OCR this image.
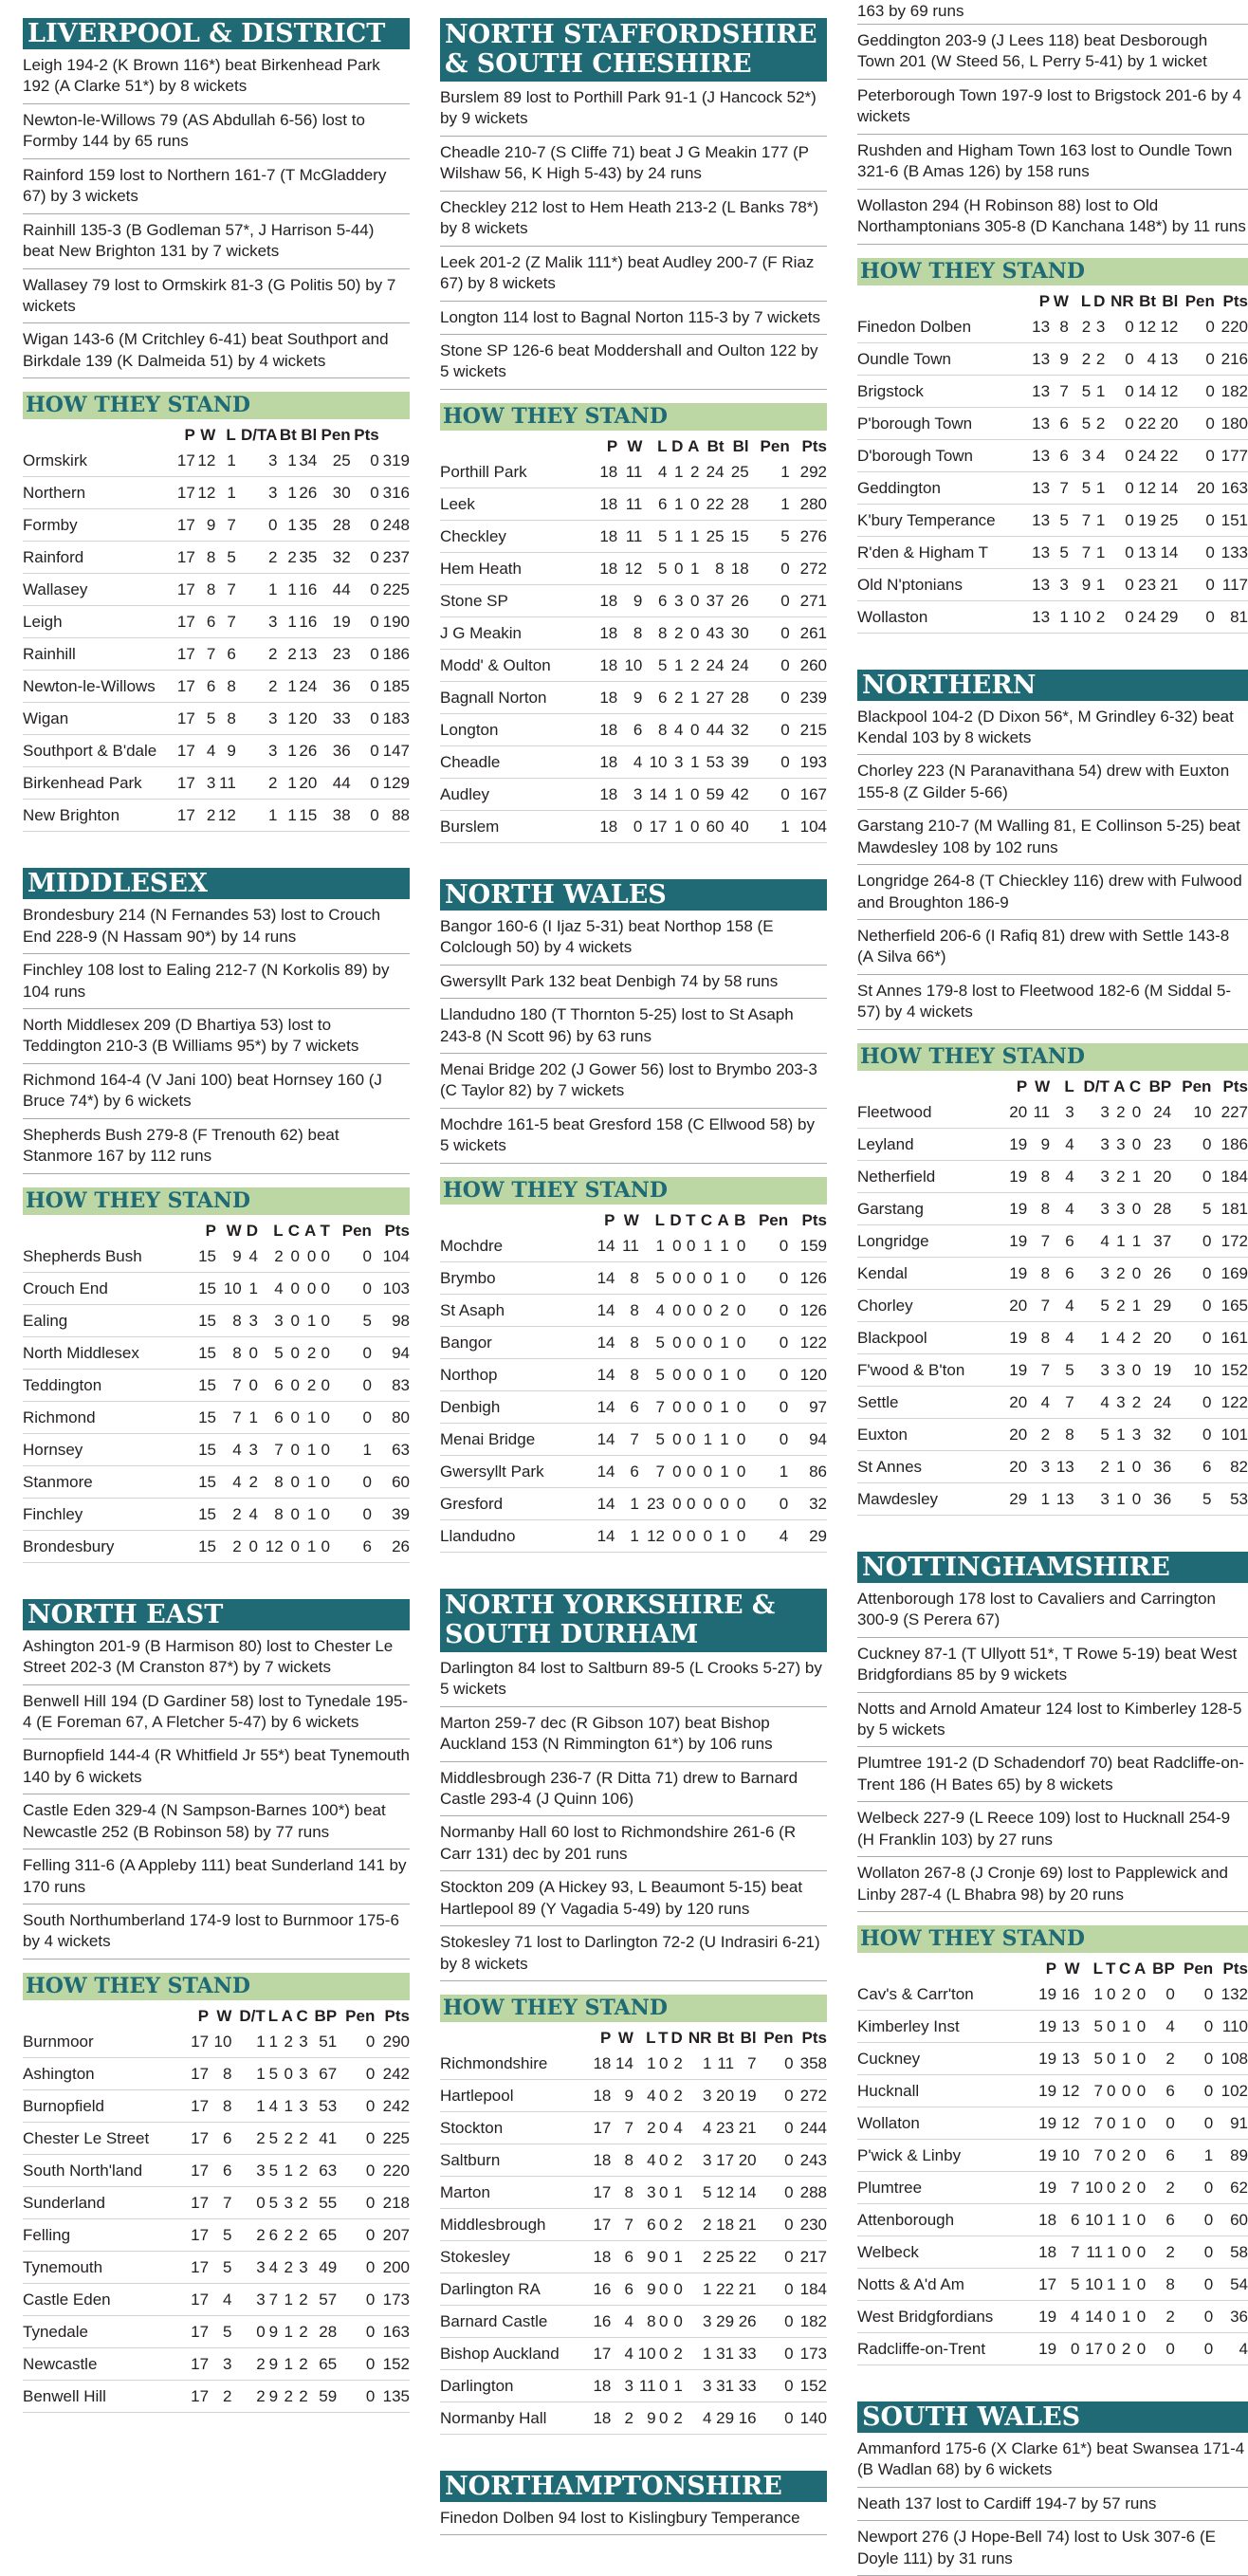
LIVERPOOL & DISTRICT
Leigh 194-2 (K Brown 116*) beat Birkenhead Park 192 (A Clarke 51*) by 8 wickets
Newton-le-Willows 79 (AS Abdullah 6-56) lost to Formby 144 by 65 runs
Rainford 159 lost to Northern 161-7 (T McGladdery 67) by 3 wickets
Rainhill 135-3 (B Godleman 57*, J Harrison 5-44) beat New Brighton 131 by 7 wickets
Wallasey 79 lost to Ormskirk 81-3 (G Politis 50) by 7 wickets
Wigan 143-6 (M Critchley 6-41) beat Southport and Birkdale 139 (K Dalmeida 51) by 4 wickets
HOW THEY STAND
	P	W	L	D/TA	Bt	Bl	Pen	Pts	
Ormskirk	17	12	1	3	1	34	25	0	319
Northern	17	12	1	3	1	26	30	0	316
Formby	17	9	7	0	1	35	28	0	248
Rainford	17	8	5	2	2	35	32	0	237
Wallasey	17	8	7	1	1	16	44	0	225
Leigh	17	6	7	3	1	16	19	0	190
Rainhill	17	7	6	2	2	13	23	0	186
Newton-le-Willows	17	6	8	2	1	24	36	0	185
Wigan	17	5	8	3	1	20	33	0	183
Southport & B'dale	17	4	9	3	1	26	36	0	147
Birkenhead Park	17	3	11	2	1	20	44	0	129
New Brighton	17	2	12	1	1	15	38	0	88
MIDDLESEX
Brondesbury 214 (N Fernandes 53) lost to Crouch End 228-9 (N Hassam 90*) by 14 runs
Finchley 108 lost to Ealing 212-7 (N Korkolis 89) by 104 runs
North Middlesex 209 (D Bhartiya 53) lost to Teddington 210-3 (B Williams 95*) by 7 wickets
Richmond 164-4 (V Jani 100) beat Hornsey 160 (J Bruce 74*) by 6 wickets
Shepherds Bush 279-8 (F Trenouth 62) beat Stanmore 167 by 112 runs
HOW THEY STAND
	P	W	D	L	C	A	T	Pen	Pts
Shepherds Bush	15	9	4	2	0	0	0	0	104
Crouch End	15	10	1	4	0	0	0	0	103
Ealing	15	8	3	3	0	1	0	5	98
North Middlesex	15	8	0	5	0	2	0	0	94
Teddington	15	7	0	6	0	2	0	0	83
Richmond	15	7	1	6	0	1	0	0	80
Hornsey	15	4	3	7	0	1	0	1	63
Stanmore	15	4	2	8	0	1	0	0	60
Finchley	15	2	4	8	0	1	0	0	39
Brondesbury	15	2	0	12	0	1	0	6	26
NORTH EAST
Ashington 201-9 (B Harmison 80) lost to Chester Le Street 202-3 (M Cranston 87*) by 7 wickets
Benwell Hill 194 (D Gardiner 58) lost to Tynedale 195-4 (E Foreman 67, A Fletcher 5-47) by 6 wickets
Burnopfield 144-4 (R Whitfield Jr 55*) beat Tynemouth 140 by 6 wickets
Castle Eden 329-4 (N Sampson-Barnes 100*) beat Newcastle 252 (B Robinson 58) by 77 runs
Felling 311-6 (A Appleby 111) beat Sunderland 141 by 170 runs
South Northumberland 174-9 lost to Burnmoor 175-6 by 4 wickets
HOW THEY STAND
	P	W	D/T	L	A	C	BP	Pen	Pts
Burnmoor	17	10	1	1	2	3	51	0	290
Ashington	17	8	1	5	0	3	67	0	242
Burnopfield	17	8	1	4	1	3	53	0	242
Chester Le Street	17	6	2	5	2	2	41	0	225
South North'land	17	6	3	5	1	2	63	0	220
Sunderland	17	7	0	5	3	2	55	0	218
Felling	17	5	2	6	2	2	65	0	207
Tynemouth	17	5	3	4	2	3	49	0	200
Castle Eden	17	4	3	7	1	2	57	0	173
Tynedale	17	5	0	9	1	2	28	0	163
Newcastle	17	3	2	9	1	2	65	0	152
Benwell Hill	17	2	2	9	2	2	59	0	135
NORTH STAFFORDSHIRE & SOUTH CHESHIRE
Burslem 89 lost to Porthill Park 91-1 (J Hancock 52*) by 9 wickets
Cheadle 210-7 (S Cliffe 71) beat J G Meakin 177 (P Wilshaw 56, K High 5-43) by 24 runs
Checkley 212 lost to Hem Heath 213-2 (L Banks 78*) by 8 wickets
Leek 201-2 (Z Malik 111*) beat Audley 200-7 (F Riaz 67) by 8 wickets
Longton 114 lost to Bagnal Norton 115-3 by 7 wickets
Stone SP 126-6 beat Moddershall and Oulton 122 by 5 wickets
HOW THEY STAND
	P	W	L	D	A	Bt	Bl	Pen	Pts
Porthill Park	18	11	4	1	2	24	25	1	292
Leek	18	11	6	1	0	22	28	1	280
Checkley	18	11	5	1	1	25	15	5	276
Hem Heath	18	12	5	0	1	8	18	0	272
Stone SP	18	9	6	3	0	37	26	0	271
J G Meakin	18	8	8	2	0	43	30	0	261
Modd' & Oulton	18	10	5	1	2	24	24	0	260
Bagnall Norton	18	9	6	2	1	27	28	0	239
Longton	18	6	8	4	0	44	32	0	215
Cheadle	18	4	10	3	1	53	39	0	193
Audley	18	3	14	1	0	59	42	0	167
Burslem	18	0	17	1	0	60	40	1	104
NORTH WALES
Bangor 160-6 (I Ijaz 5-31) beat Northop 158 (E Colclough 50) by 4 wickets
Gwersyllt Park 132 beat Denbigh 74 by 58 runs
Llandudno 180 (T Thornton 5-25) lost to St Asaph 243-8 (N Scott 96) by 63 runs
Menai Bridge 202 (J Gower 56) lost to Brymbo 203-3 (C Taylor 82) by 7 wickets
Mochdre 161-5 beat Gresford 158 (C Ellwood 58) by 5 wickets
HOW THEY STAND
	P	W	L	D	T	C	A	B	Pen	Pts
Mochdre	14	11	1	0	0	1	1	0	0	159
Brymbo	14	8	5	0	0	0	1	0	0	126
St Asaph	14	8	4	0	0	0	2	0	0	126
Bangor	14	8	5	0	0	0	1	0	0	122
Northop	14	8	5	0	0	0	1	0	0	120
Denbigh	14	6	7	0	0	0	1	0	0	97
Menai Bridge	14	7	5	0	0	1	1	0	0	94
Gwersyllt Park	14	6	7	0	0	0	1	0	1	86
Gresford	14	1	23	0	0	0	0	0	0	32
Llandudno	14	1	12	0	0	0	1	0	4	29
NORTH YORKSHIRE & SOUTH DURHAM
Darlington 84 lost to Saltburn 89-5 (L Crooks 5-27) by 5 wickets
Marton 259-7 dec (R Gibson 107) beat Bishop Auckland 153 (N Rimmington 61*) by 106 runs
Middlesbrough 236-7 (R Ditta 71) drew to Barnard Castle 293-4 (J Quinn 106)
Normanby Hall 60 lost to Richmondshire 261-6 (R Carr 131) dec by 201 runs
Stockton 209 (A Hickey 93, L Beaumont 5-15) beat Hartlepool 89 (Y Vagadia 5-49) by 120 runs
Stokesley 71 lost to Darlington 72-2 (U Indrasiri 6-21) by 8 wickets
HOW THEY STAND
	P	W	L	T	D	NR	Bt	Bl	Pen	Pts
Richmondshire	18	14	1	0	2	1	11	7	0	358
Hartlepool	18	9	4	0	2	3	20	19	0	272
Stockton	17	7	2	0	4	4	23	21	0	244
Saltburn	18	8	4	0	2	3	17	20	0	243
Marton	17	8	3	0	1	5	12	14	0	288
Middlesbrough	17	7	6	0	2	2	18	21	0	230
Stokesley	18	6	9	0	1	2	25	22	0	217
Darlington RA	16	6	9	0	0	1	22	21	0	184
Barnard Castle	16	4	8	0	0	3	29	26	0	182
Bishop Auckland	17	4	10	0	2	1	31	33	0	173
Darlington	18	3	11	0	1	3	31	33	0	152
Normanby Hall	18	2	9	0	2	4	29	16	0	140
NORTHAMPTONSHIRE
Finedon Dolben 94 lost to Kislingbury Temperance
163 by 69 runs
Geddington 203-9 (J Lees 118) beat Desborough Town 201 (W Steed 56, L Perry 5-41) by 1 wicket
Peterborough Town 197-9 lost to Brigstock 201-6 by 4 wickets
Rushden and Higham Town 163 lost to Oundle Town 321-6 (B Amas 126) by 158 runs
Wollaston 294 (H Robinson 88) lost to Old Northamptonians 305-8 (D Kanchana 148*) by 11 runs
HOW THEY STAND
	P	W	L	D	NR	Bt	Bl	Pen	Pts
Finedon Dolben	13	8	2	3	0	12	12	0	220
Oundle Town	13	9	2	2	0	4	13	0	216
Brigstock	13	7	5	1	0	14	12	0	182
P'borough Town	13	6	5	2	0	22	20	0	180
D'borough Town	13	6	3	4	0	24	22	0	177
Geddington	13	7	5	1	0	12	14	20	163
K'bury Temperance	13	5	7	1	0	19	25	0	151
R'den & Higham T	13	5	7	1	0	13	14	0	133
Old N'ptonians	13	3	9	1	0	23	21	0	117
Wollaston	13	1	10	2	0	24	29	0	81
NORTHERN
Blackpool 104-2 (D Dixon 56*, M Grindley 6-32) beat Kendal 103 by 8 wickets
Chorley 223 (N Paranavithana 54) drew with Euxton 155-8 (Z Gilder 5-66)
Garstang 210-7 (M Walling 81, E Collinson 5-25) beat Mawdesley 108 by 102 runs
Longridge 264-8 (T Chieckley 116) drew with Fulwood and Broughton 186-9
Netherfield 206-6 (I Rafiq 81) drew with Settle 143-8 (A Silva 66*)
St Annes 179-8 lost to Fleetwood 182-6 (M Siddal 5-57) by 4 wickets
HOW THEY STAND
	P	W	L	D/T	A	C	BP	Pen	Pts
Fleetwood	20	11	3	3	2	0	24	10	227
Leyland	19	9	4	3	3	0	23	0	186
Netherfield	19	8	4	3	2	1	20	0	184
Garstang	19	8	4	3	3	0	28	5	181
Longridge	19	7	6	4	1	1	37	0	172
Kendal	19	8	6	3	2	0	26	0	169
Chorley	20	7	4	5	2	1	29	0	165
Blackpool	19	8	4	1	4	2	20	0	161
F'wood & B'ton	19	7	5	3	3	0	19	10	152
Settle	20	4	7	4	3	2	24	0	122
Euxton	20	2	8	5	1	3	32	0	101
St Annes	20	3	13	2	1	0	36	6	82
Mawdesley	29	1	13	3	1	0	36	5	53
NOTTINGHAMSHIRE
Attenborough 178 lost to Cavaliers and Carrington 300-9 (S Perera 67)
Cuckney 87-1 (T Ullyott 51*, T Rowe 5-19) beat West Bridgfordians 85 by 9 wickets
Notts and Arnold Amateur 124 lost to Kimberley 128-5 by 5 wickets
Plumtree 191-2 (D Schadendorf 70) beat Radcliffe-on-Trent 186 (H Bates 65) by 8 wickets
Welbeck 227-9 (L Reece 109) lost to Hucknall 254-9 (H Franklin 103) by 27 runs
Wollaton 267-8 (J Cronje 69) lost to Papplewick and Linby 287-4 (L Bhabra 98) by 20 runs
HOW THEY STAND
	P	W	L	T	C	A	BP	Pen	Pts
Cav's & Carr'ton	19	16	1	0	2	0	0	0	132
Kimberley Inst	19	13	5	0	1	0	4	0	110
Cuckney	19	13	5	0	1	0	2	0	108
Hucknall	19	12	7	0	0	0	6	0	102
Wollaton	19	12	7	0	1	0	0	0	91
P'wick & Linby	19	10	7	0	2	0	6	1	89
Plumtree	19	7	10	0	2	0	2	0	62
Attenborough	18	6	10	1	1	0	6	0	60
Welbeck	18	7	11	1	0	0	2	0	58
Notts & A'd Am	17	5	10	1	1	0	8	0	54
West Bridgfordians	19	4	14	0	1	0	2	0	36
Radcliffe-on-Trent	19	0	17	0	2	0	0	0	4
SOUTH WALES
Ammanford 175-6 (X Clarke 61*) beat Swansea 171-4 (B Wadlan 68) by 6 wickets
Neath 137 lost to Cardiff 194-7 by 57 runs
Newport 276 (J Hope-Bell 74) lost to Usk 307-6 (E Doyle 111) by 31 runs
